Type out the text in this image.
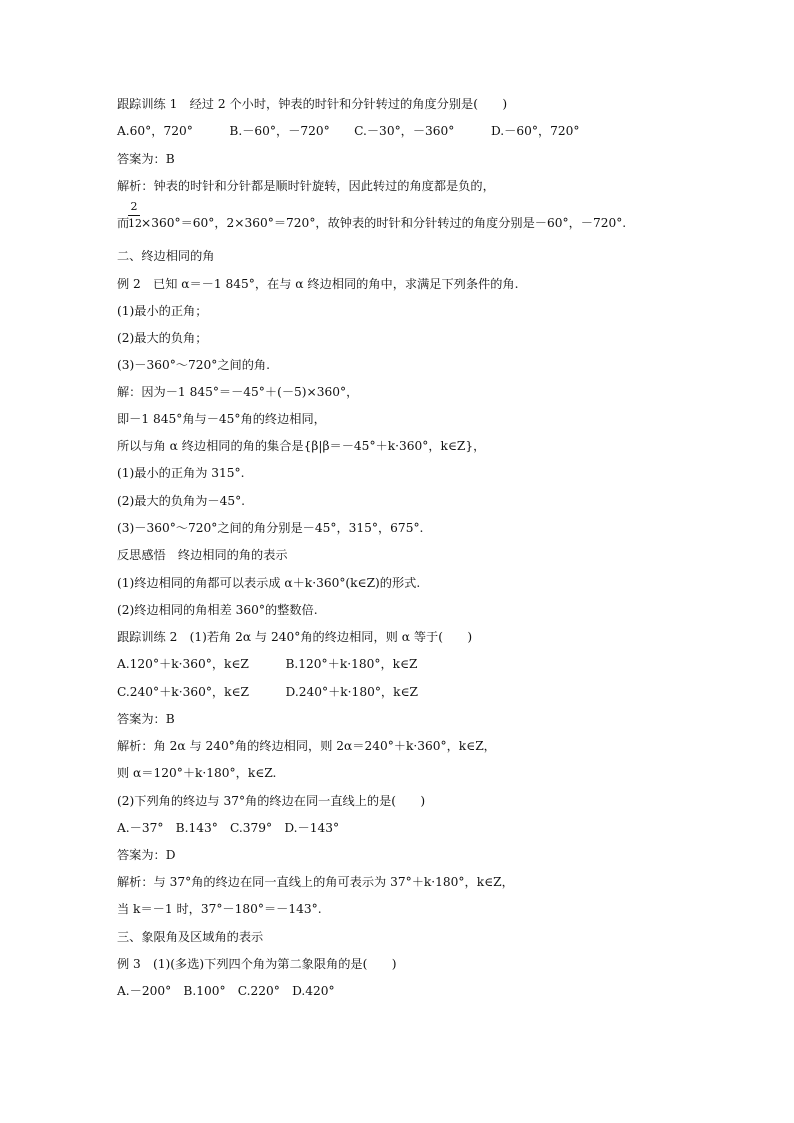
跟踪训练 1　经过 2 个小时，钟表的时针和分针转过的角度分别是(　　)
A.60°，720°　　　B.－60°，－720°　　C.－30°，－360°　　　D.－60°，720°
答案为：B
解析：钟表的时针和分针都是顺时针旋转，因此转过的角度都是负的，
而
2
12 ×360°＝60°，2×360°＝720°，故钟表的时针和分针转过的角度分别是－60°，－720°.
二、终边相同的角
例 2　已知 α＝－1 845°，在与 α 终边相同的角中，求满足下列条件的角.
(1)最小的正角；
(2)最大的负角；
(3)－360°～720°之间的角.
解：因为－1 845°＝－45°＋(－5)×360°，
即－1 845°角与－45°角的终边相同，
所以与角 α 终边相同的角的集合是{β|β＝－45°＋k·360°，k∈Z}，
(1)最小的正角为 315°.
(2)最大的负角为－45°.
(3)－360°～720°之间的角分别是－45°，315°，675°.
反思感悟　终边相同的角的表示
(1)终边相同的角都可以表示成 α＋k·360°(k∈Z)的形式.
(2)终边相同的角相差 360°的整数倍.
跟踪训练 2　(1)若角 2α 与 240°角的终边相同，则 α 等于(　　)
A.120°＋k·360°，k∈Z　　　B.120°＋k·180°，k∈Z
C.240°＋k·360°，k∈Z　　　D.240°＋k·180°，k∈Z
答案为：B
解析：角 2α 与 240°角的终边相同，则 2α＝240°＋k·360°，k∈Z，
则 α＝120°＋k·180°，k∈Z.
(2)下列角的终边与 37°角的终边在同一直线上的是(　　)
A.－37°　B.143°　C.379°　D.－143°
答案为：D
解析：与 37°角的终边在同一直线上的角可表示为 37°＋k·180°，k∈Z，
当 k＝－1 时，37°－180°＝－143°.
三、象限角及区域角的表示
例 3　(1)(多选)下列四个角为第二象限角的是(　　)
A.－200°　B.100°　C.220°　D.420°
